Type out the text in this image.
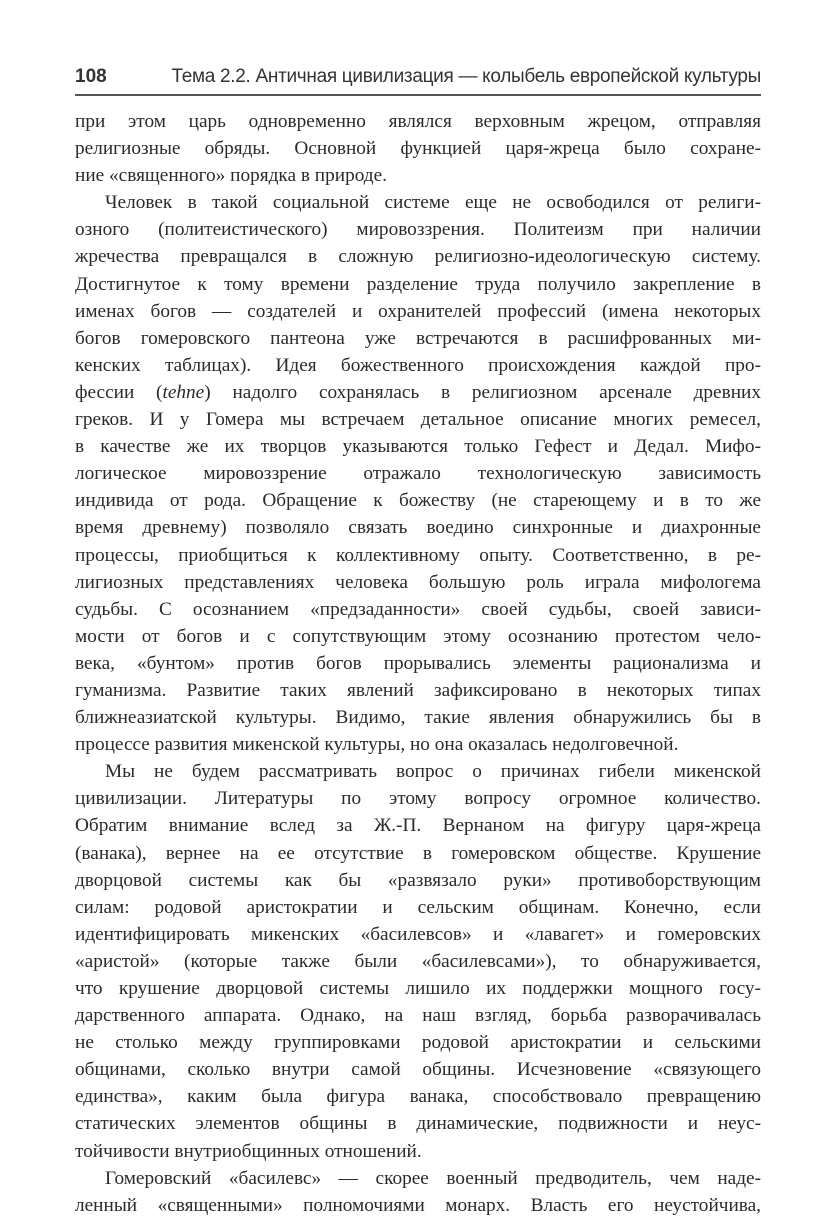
108	Тема 2.2. Античная цивилизация — колыбель европейской культуры
при этом царь одновременно являлся верховным жрецом, отправляя
религиозные обряды. Основной функцией царя-жреца было сохране-
ние «священного» порядка в природе.
Человек в такой социальной системе еще не освободился от религи-
озного (политеистического) мировоззрения. Политеизм при наличии
жречества превращался в сложную религиозно-идеологическую систему.
Достигнутое к тому времени разделение труда получило закрепление в
именах богов — создателей и охранителей профессий (имена некоторых
богов гомеровского пантеона уже встречаются в расшифрованных ми-
кенских таблицах). Идея божественного происхождения каждой про-
фессии (tehne) надолго сохранялась в религиозном арсенале древних
греков. И у Гомера мы встречаем детальное описание многих ремесел,
в качестве же их творцов указываются только Гефест и Дедал. Мифо-
логическое мировоззрение отражало технологическую зависимость
индивида от рода. Обращение к божеству (не стареющему и в то же
время древнему) позволяло связать воедино синхронные и диахронные
процессы, приобщиться к коллективному опыту. Соответственно, в ре-
лигиозных представлениях человека большую роль играла мифологема
судьбы. С осознанием «предзаданности» своей судьбы, своей зависи-
мости от богов и с сопутствующим этому осознанию протестом чело-
века, «бунтом» против богов прорывались элементы рационализма и
гуманизма. Развитие таких явлений зафиксировано в некоторых типах
ближнеазиатской культуры. Видимо, такие явления обнаружились бы в
процессе развития микенской культуры, но она оказалась недолговечной.
Мы не будем рассматривать вопрос о причинах гибели микенской
цивилизации. Литературы по этому вопросу огромное количество.
Обратим внимание вслед за Ж.-П. Вернаном на фигуру царя-жреца
(ванака), вернее на ее отсутствие в гомеровском обществе. Крушение
дворцовой системы как бы «развязало руки» противоборствующим
силам: родовой аристократии и сельским общинам. Конечно, если
идентифицировать микенских «басилевсов» и «лавагет» и гомеровских
«аристой» (которые также были «басилевсами»), то обнаруживается,
что крушение дворцовой системы лишило их поддержки мощного госу-
дарственного аппарата. Однако, на наш взгляд, борьба разворачивалась
не столько между группировками родовой аристократии и сельскими
общинами, сколько внутри самой общины. Исчезновение «связующего
единства», каким была фигура ванака, способствовало превращению
статических элементов общины в динамические, подвижности и неус-
тойчивости внутриобщинных отношений.
Гомеровский «басилевс» — скорее военный предводитель, чем наде-
ленный «священными» полномочиями монарх. Власть его неустойчива,
